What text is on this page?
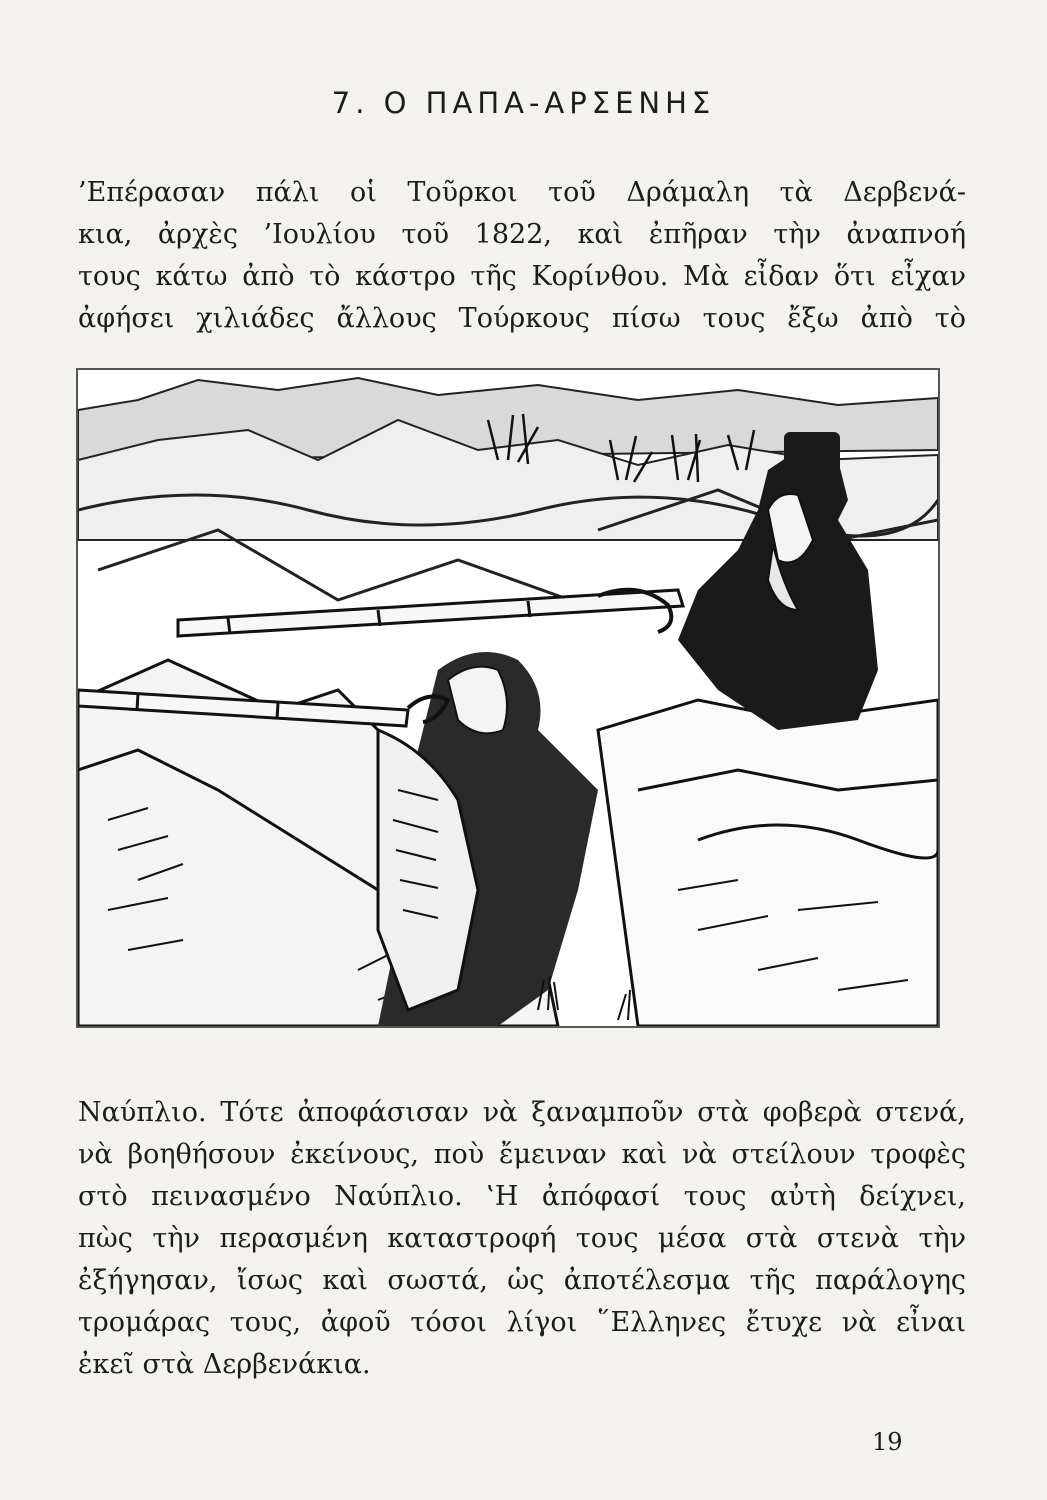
7. Ο ΠΑΠΑ-ΑΡΣΕΝΗΣ

’Επέρασαν πάλι οἱ Τοῦρκοι τοῦ Δράμαλη τὰ Δερβενά-
κια, ἀρχὲς ’Ιουλίου τοῦ 1822, καὶ ἐπῆραν τὴν ἀναπνοή
τους κάτω ἀπὸ τὸ κάστρο τῆς Κορίνθου. Μὰ εἶδαν ὅτι εἶχαν
ἀφήσει χιλιάδες ἄλλους Τούρκους πίσω τους ἔξω ἀπὸ τὸ

Ναύπλιο. Τότε ἀποφάσισαν νὰ ξαναμποῦν στὰ φοβερὰ στενά,
νὰ βοηθήσουν ἐκείνους, ποὺ ἔμειναν καὶ νὰ στείλουν τροφὲς
στὸ πεινασμένο Ναύπλιο. ‛Η ἀπόφασί τους αὐτὴ δείχνει,
πὼς τὴν περασμένη καταστροφή τους μέσα στὰ στενὰ τὴν
ἐξήγησαν, ἴσως καὶ σωστά, ὡς ἀποτέλεσμα τῆς παράλογης
τρομάρας τους, ἀφοῦ τόσοι λίγοι ῞Ελληνες ἔτυχε νὰ εἶναι
ἐκεῖ στὰ Δερβενάκια.

19
